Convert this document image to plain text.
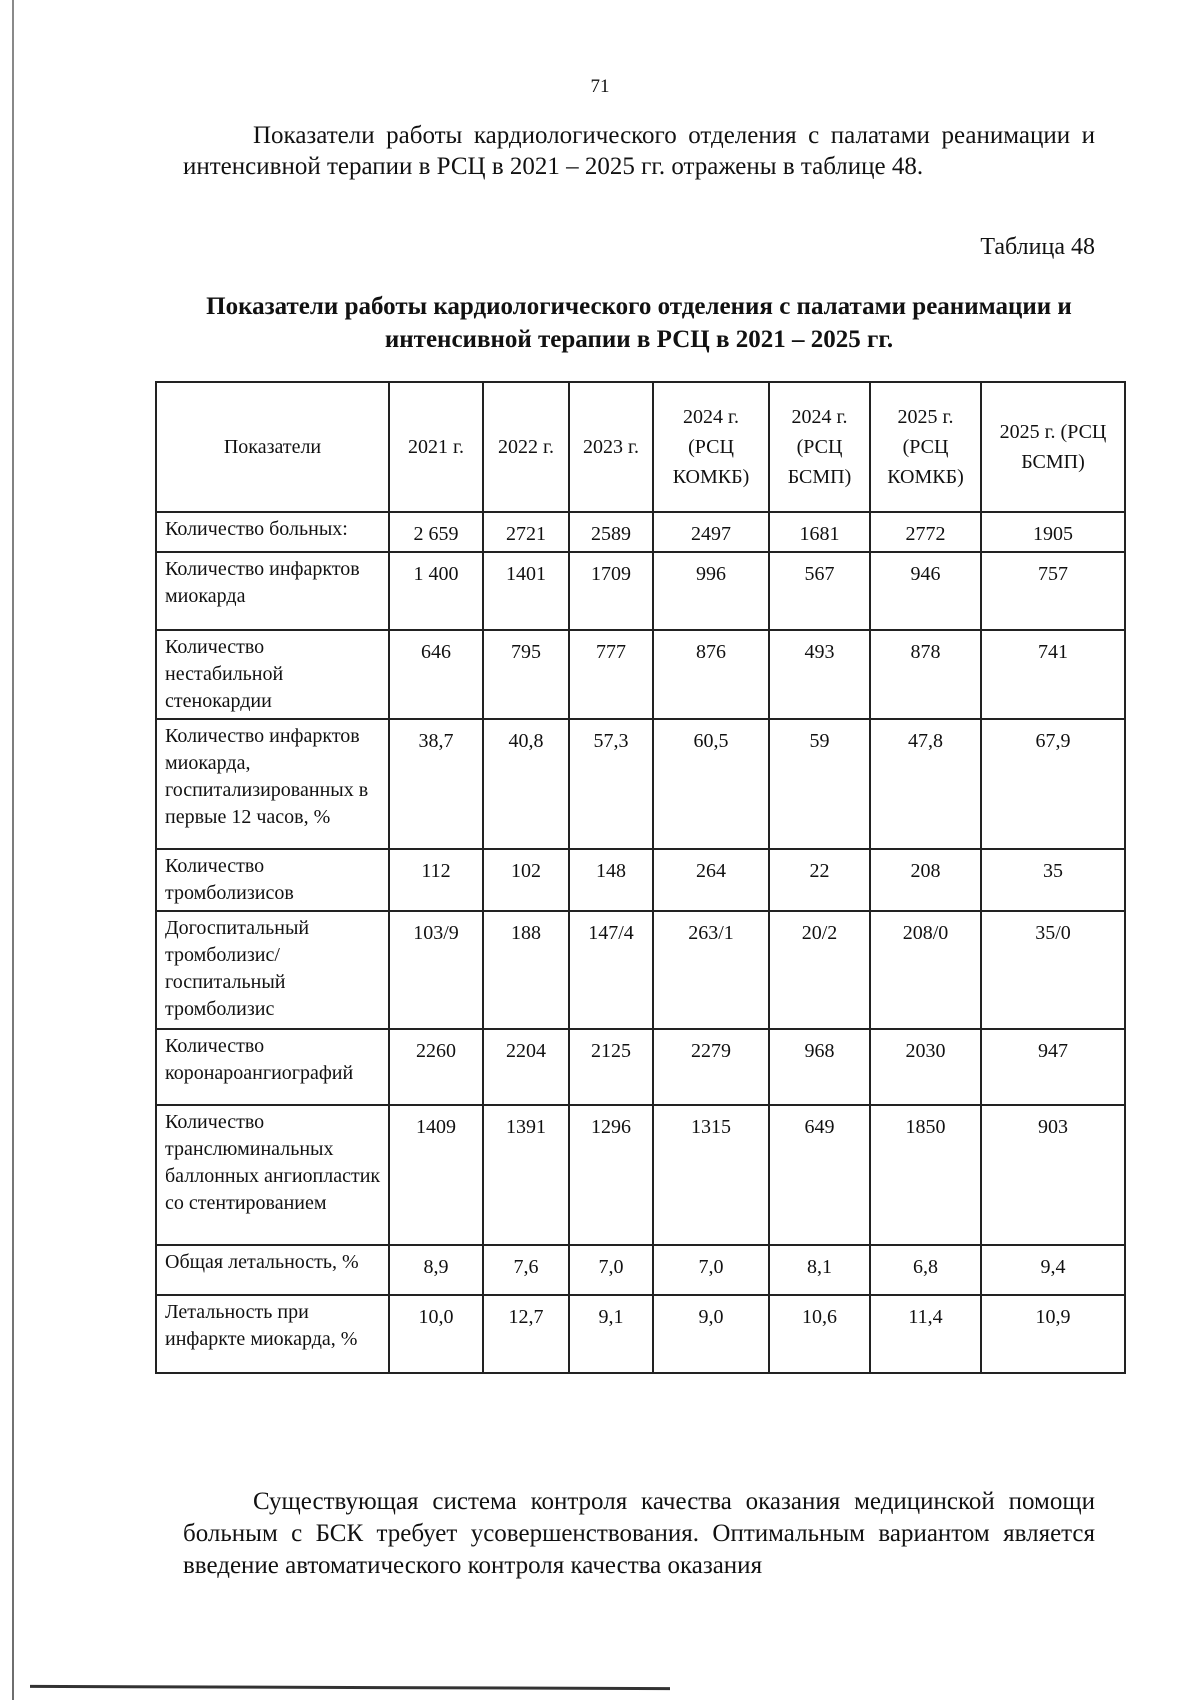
71

Показатели работы кардиологического отделения с палатами реанимации и интенсивной терапии в РСЦ в 2021 – 2025 гг. отражены в таблице 48.

Таблица 48

Показатели работы кардиологического отделения с палатами реанимации и интенсивной терапии в РСЦ в 2021 – 2025 гг.

Показатели	2021 г.	2022 г.	2023 г.	2024 г. (РСЦ КОМКБ)	2024 г. (РСЦ БСМП)	2025 г. (РСЦ КОМКБ)	2025 г. (РСЦ БСМП)
Количество больных:	2 659	2721	2589	2497	1681	2772	1905
Количество инфарктов миокарда	1 400	1401	1709	996	567	946	757
Количество нестабильной стенокардии	646	795	777	876	493	878	741
Количество инфарктов миокарда, госпитализированных в первые 12 часов, %	38,7	40,8	57,3	60,5	59	47,8	67,9
Количество тромболизисов	112	102	148	264	22	208	35
Догоспитальный тромболизис/ госпитальный тромболизис	103/9	188	147/4	263/1	20/2	208/0	35/0
Количество коронароангиографий	2260	2204	2125	2279	968	2030	947
Количество транслюминальных баллонных ангиопластик со стентированием	1409	1391	1296	1315	649	1850	903
Общая летальность, %	8,9	7,6	7,0	7,0	8,1	6,8	9,4
Летальность при инфаркте миокарда, %	10,0	12,7	9,1	9,0	10,6	11,4	10,9

Существующая система контроля качества оказания медицинской помощи больным с БСК требует усовершенствования. Оптимальным вариантом является введение автоматического контроля качества оказания
